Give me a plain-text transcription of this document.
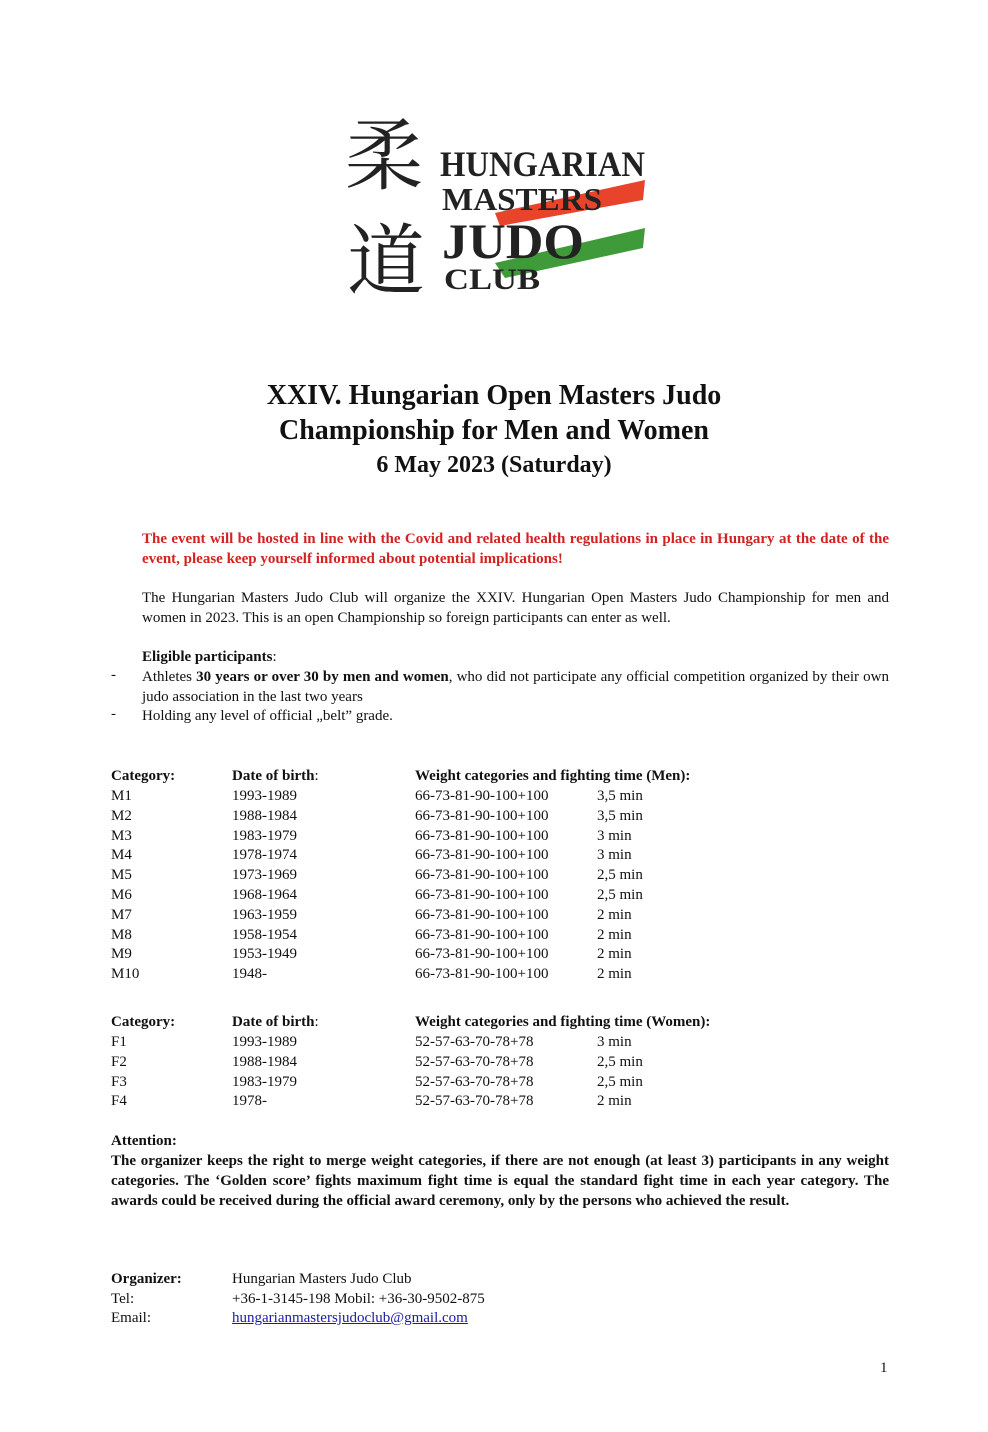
柔
道
HUNGARIAN
MASTERS
JUDO
CLUB
XXIV. Hungarian Open Masters Judo
Championship for Men and Women
6 May 2023 (Saturday)
The event will be hosted in line with the Covid and related health regulations in place in Hungary at the date of the event, please keep yourself informed about potential implications!
The Hungarian Masters Judo Club will organize the XXIV. Hungarian Open Masters Judo Championship for men and women in 2023. This is an open Championship so foreign participants can enter as well.
Eligible participants:
- Athletes 30 years or over 30 by men and women, who did not participate any official competition organized by their own judo association in the last two years
- Holding any level of official „belt” grade.
Category:	Date of birth:	Weight categories and fighting time (Men):
M1	1993-1989	66-73-81-90-100+100	3,5 min
M2	1988-1984	66-73-81-90-100+100	3,5 min
M3	1983-1979	66-73-81-90-100+100	3 min
M4	1978-1974	66-73-81-90-100+100	3 min
M5	1973-1969	66-73-81-90-100+100	2,5 min
M6	1968-1964	66-73-81-90-100+100	2,5 min
M7	1963-1959	66-73-81-90-100+100	2 min
M8	1958-1954	66-73-81-90-100+100	2 min
M9	1953-1949	66-73-81-90-100+100	2 min
M10	1948-	66-73-81-90-100+100	2 min
Category:	Date of birth:	Weight categories and fighting time (Women):
F1	1993-1989	52-57-63-70-78+78	3 min
F2	1988-1984	52-57-63-70-78+78	2,5 min
F3	1983-1979	52-57-63-70-78+78	2,5 min
F4	1978-	52-57-63-70-78+78	2 min
Attention:
The organizer keeps the right to merge weight categories, if there are not enough (at least 3) participants in any weight categories. The ‘Golden score’ fights maximum fight time is equal the standard fight time in each year category. The awards could be received during the official award ceremony, only by the persons who achieved the result.
Organizer:	Hungarian Masters Judo Club
Tel:	+36-1-3145-198 Mobil: +36-30-9502-875
Email:	hungarianmastersjudoclub@gmail.com
1
